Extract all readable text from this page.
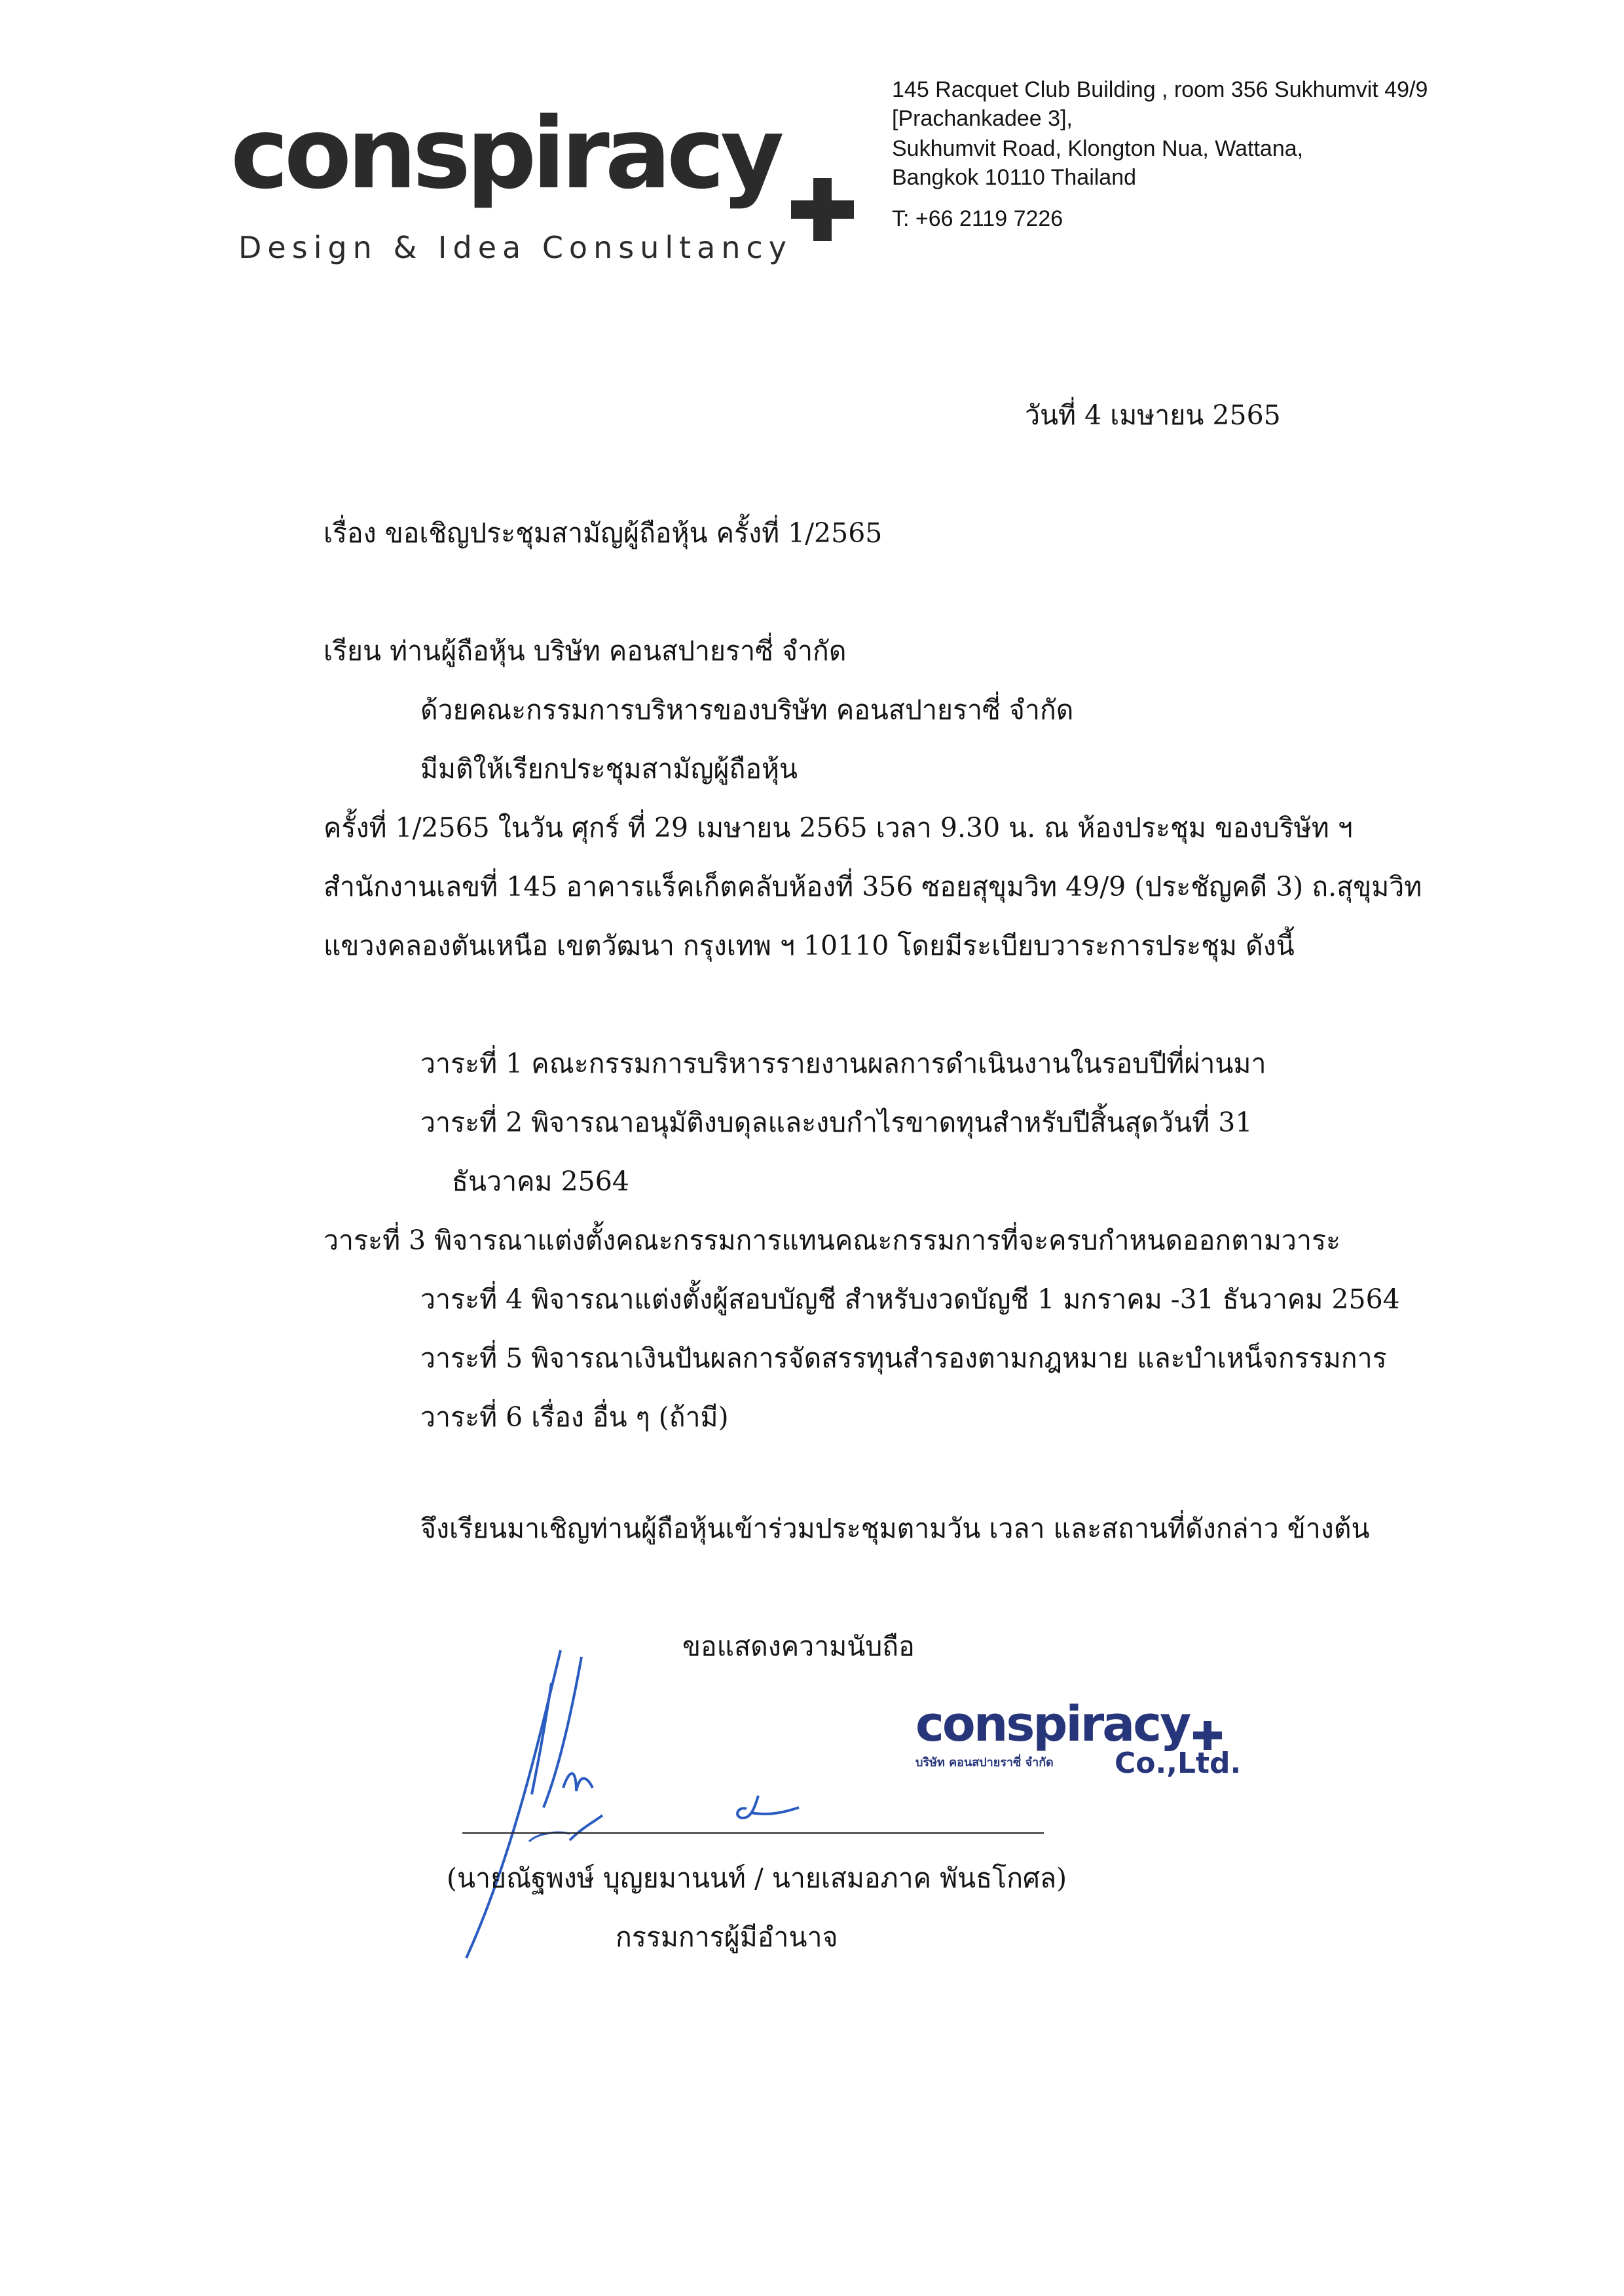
conspiracy
Design & Idea Consultancy
145 Racquet Club Building , room 356 Sukhumvit 49/9
[Prachankadee 3],
Sukhumvit Road, Klongton Nua, Wattana,
Bangkok 10110 Thailand
T: +66 2119 7226
วันที่ 4 เมษายน 2565
เรื่อง ขอเชิญประชุมสามัญผู้ถือหุ้น ครั้งที่ 1/2565
เรียน ท่านผู้ถือหุ้น บริษัท คอนสปายราซี่ จำกัด
ด้วยคณะกรรมการบริหารของบริษัท คอนสปายราซี่ จำกัด
มีมติให้เรียกประชุมสามัญผู้ถือหุ้น
ครั้งที่ 1/2565 ในวัน ศุกร์ ที่ 29 เมษายน 2565 เวลา 9.30 น. ณ ห้องประชุม ของบริษัท ฯ
สำนักงานเลขที่ 145 อาคารแร็คเก็ตคลับห้องที่ 356 ซอยสุขุมวิท 49/9 (ประชัญคดี 3) ถ.สุขุมวิท
แขวงคลองตันเหนือ เขตวัฒนา กรุงเทพ ฯ 10110 โดยมีระเบียบวาระการประชุม ดังนี้
วาระที่ 1 คณะกรรมการบริหารรายงานผลการดำเนินงานในรอบปีที่ผ่านมา
วาระที่ 2 พิจารณาอนุมัติงบดุลและงบกำไรขาดทุนสำหรับปีสิ้นสุดวันที่ 31
ธันวาคม 2564
วาระที่ 3 พิจารณาแต่งตั้งคณะกรรมการแทนคณะกรรมการที่จะครบกำหนดออกตามวาระ
วาระที่ 4 พิจารณาแต่งตั้งผู้สอบบัญชี สำหรับงวดบัญชี 1 มกราคม -31 ธันวาคม 2564
วาระที่ 5 พิจารณาเงินปันผลการจัดสรรทุนสำรองตามกฎหมาย และบำเหน็จกรรมการ
วาระที่ 6 เรื่อง อื่น ๆ (ถ้ามี)
จึงเรียนมาเชิญท่านผู้ถือหุ้นเข้าร่วมประชุมตามวัน เวลา และสถานที่ดังกล่าว ข้างต้น
ขอแสดงความนับถือ
(นายณัฐพงษ์ บุญยมานนท์ / นายเสมอภาค พันธโกศล)
กรรมการผู้มีอำนาจ
conspiracy
บริษัท คอนสปายราซี่ จำกัด Co.,Ltd.
